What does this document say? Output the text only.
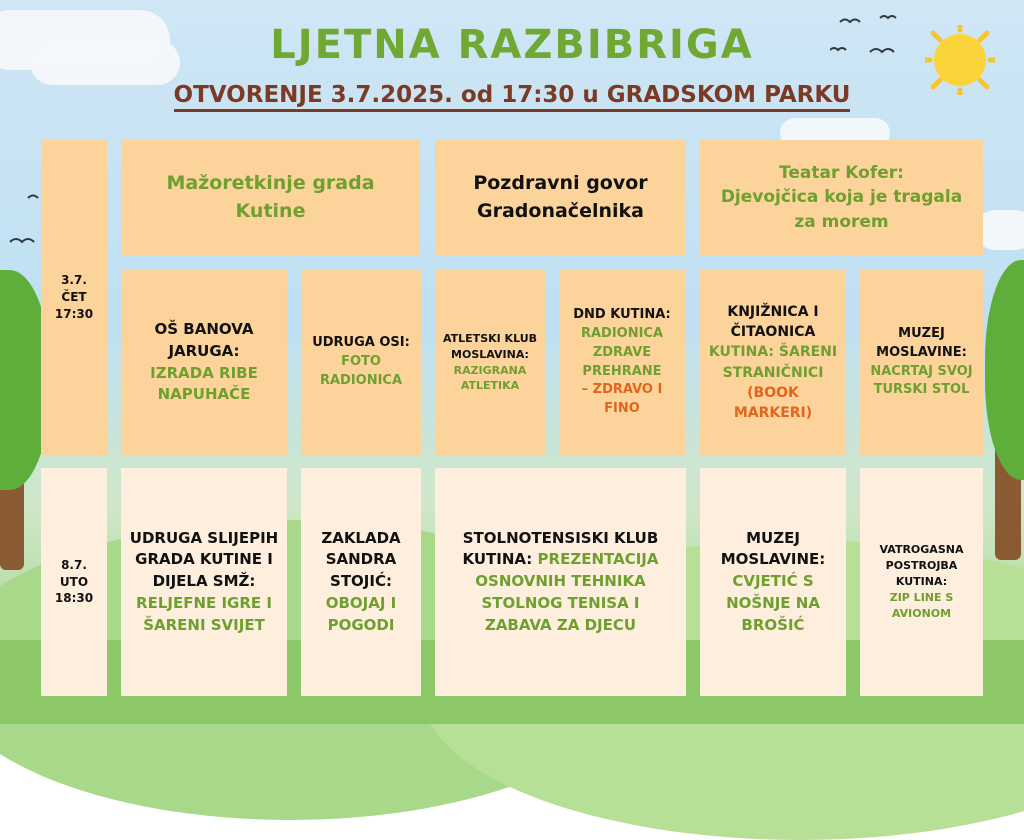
LJETNA RAZBIBRIGA
OTVORENJE 3.7.2025. od 17:30 u GRADSKOM PARKU
3.7.
ČET
17:30
Mažoretkinje grada Kutine
Pozdravni govor Gradonačelnika
Teatar Kofer:
Djevojčica koja je tragala za morem
OŠ BANOVA JARUGA:
IZRADA RIBE NAPUHAČE
UDRUGA OSI:
FOTO RADIONICA
ATLETSKI KLUB MOSLAVINA:
RAZIGRANA ATLETIKA
DND KUTINA:
RADIONICA ZDRAVE PREHRANE
– ZDRAVO I FINO
KNJIŽNICA I ČITAONICA
KUTINA: ŠARENI STRANIČNICI
(BOOK MARKERI)
MUZEJ MOSLAVINE:
NACRTAJ SVOJ TURSKI STOL
8.7.
UTO
18:30
UDRUGA SLIJEPIH GRADA KUTINE I DIJELA SMŽ:
RELJEFNE IGRE I ŠARENI SVIJET
ZAKLADA SANDRA STOJIĆ:
OBOJAJ I POGODI
STOLNOTENSISKI KLUB KUTINA: PREZENTACIJA OSNOVNIH TEHNIKA STOLNOG TENISA I ZABAVA ZA DJECU
MUZEJ MOSLAVINE:
CVJETIĆ S NOŠNJE NA BROŠIĆ
VATROGASNA POSTROJBA KUTINA:
ZIP LINE S AVIONOM
